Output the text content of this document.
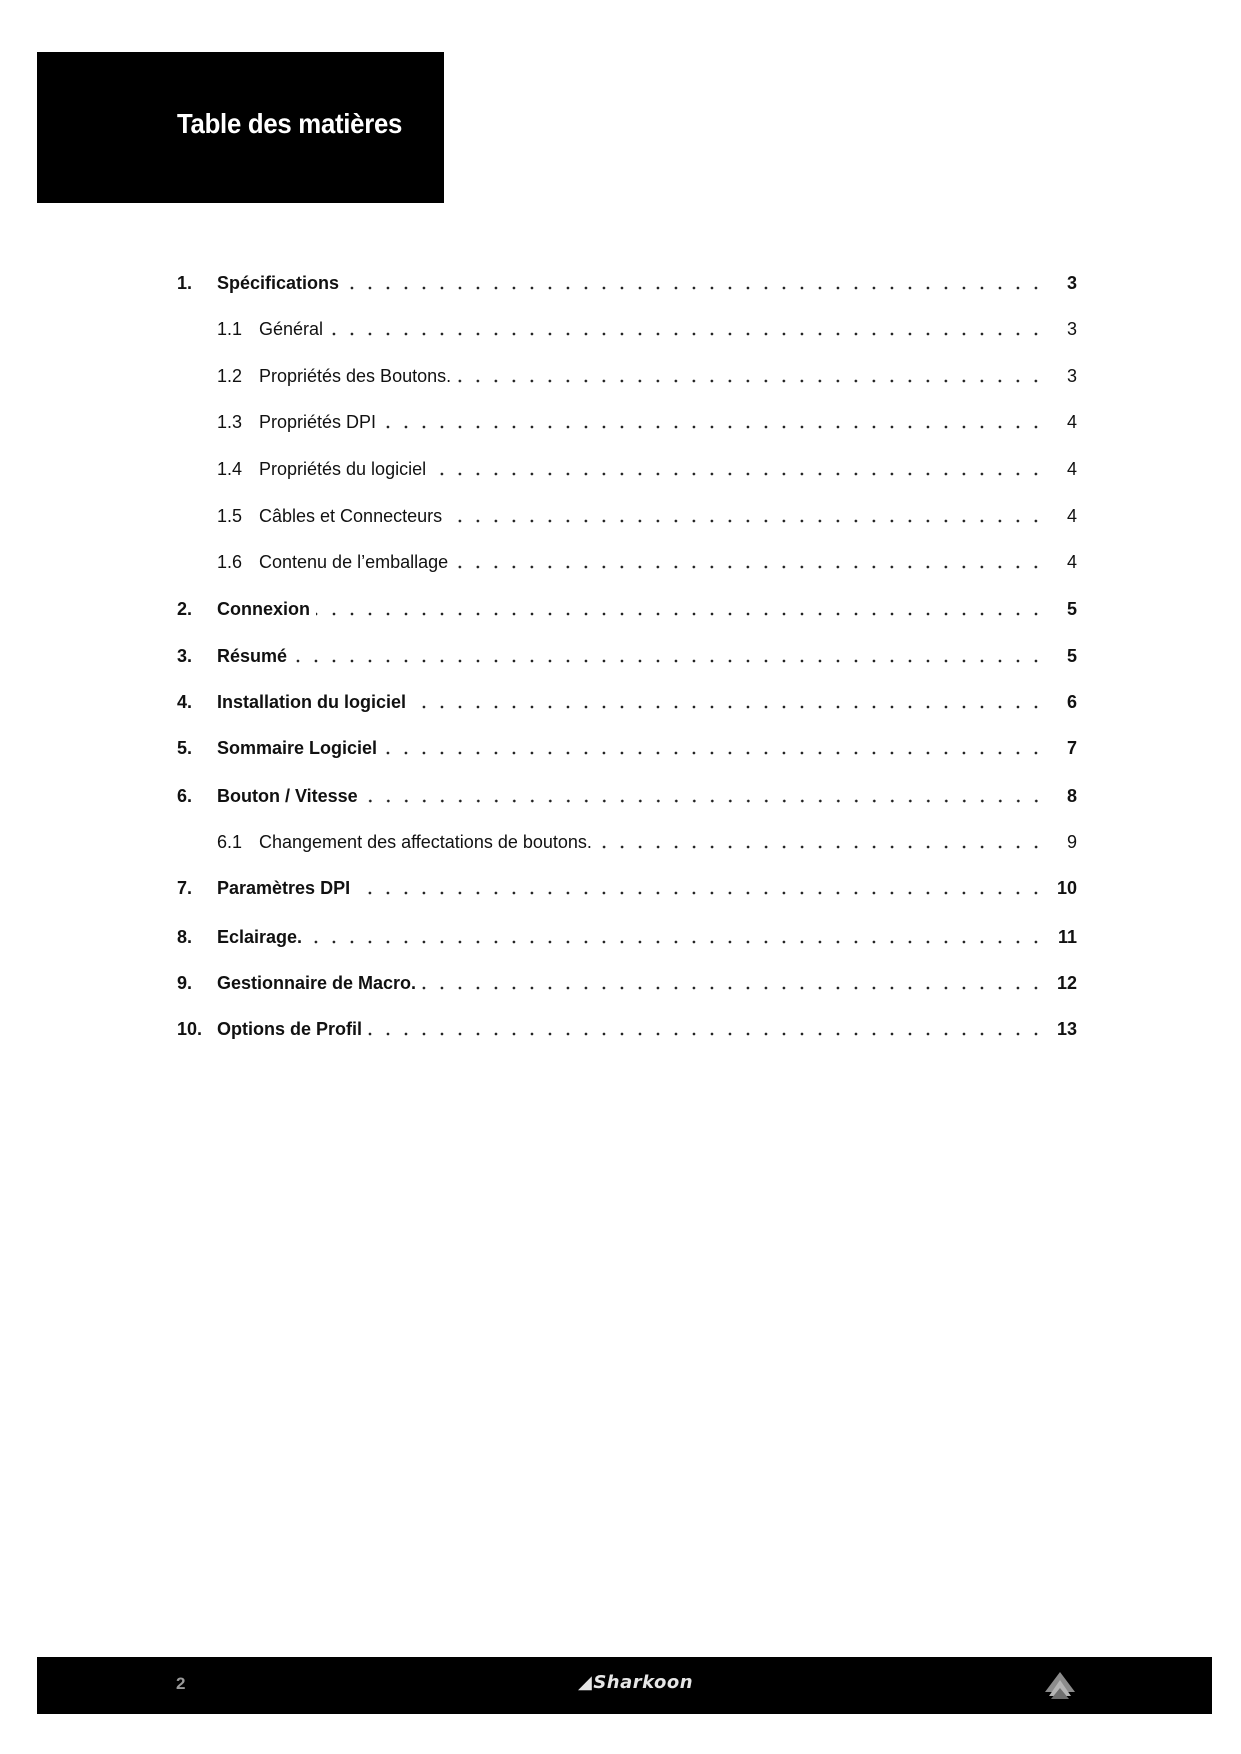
Table des matières
1.	Spécifications	3
1.1 Général	3
1.2 Propriétés des Boutons.	3
1.3 Propriétés DPI	4
1.4 Propriétés du logiciel	4
1.5 Câbles et Connecteurs	4
1.6 Contenu de l’emballage	4
2.	Connexion	5
3.	Résumé	5
4.	Installation du logiciel	6
5.	Sommaire Logiciel	7
6.	Bouton / Vitesse	8
6.1 Changement des affectations de boutons.	9
7.	Paramètres DPI	10
8.	Eclairage.	11
9.	Gestionnaire de Macro.	12
10. Options de Profil	13
2	◢Sharkoon
